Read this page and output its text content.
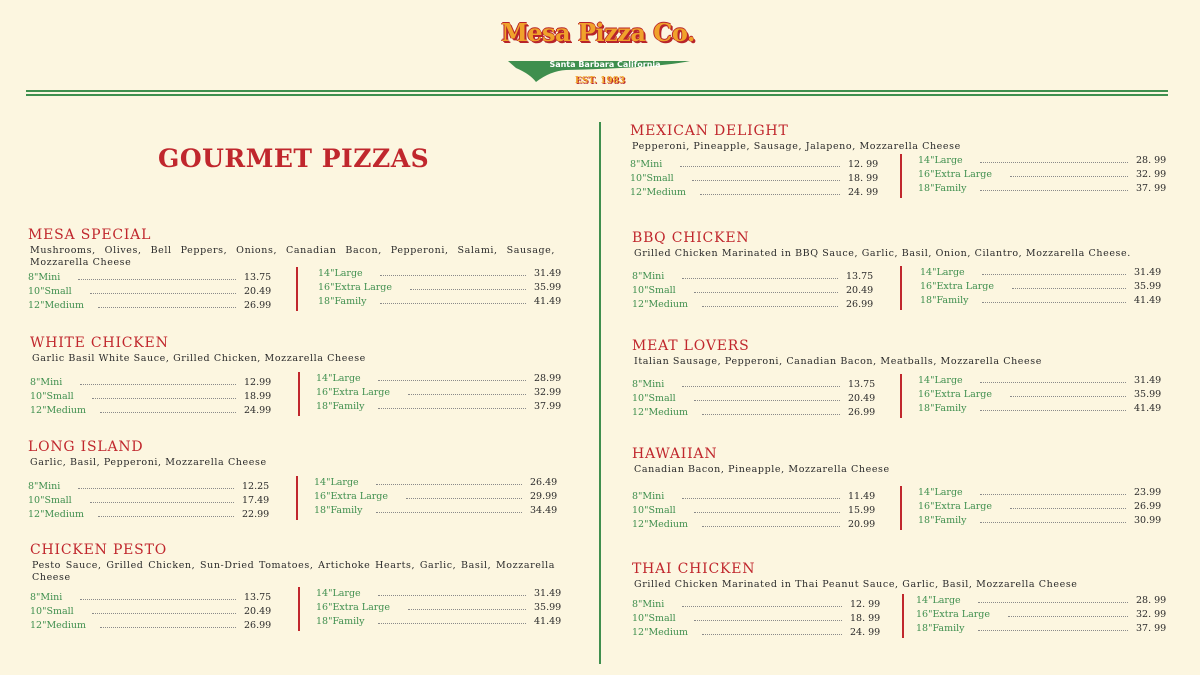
Mesa Pizza Co.
Santa Barbara California
EST. 1983
GOURMET PIZZAS
MESA SPECIAL
Mushrooms, Olives, Bell Peppers, Onions, Canadian Bacon, Pepperoni, Salami, Sausage, Mozzarella Cheese
8"Mini	13.75
10"Small	20.49
12"Medium	26.99
14"Large	31.49
16"Extra Large	35.99
18"Family	41.49
WHITE CHICKEN
Garlic Basil White Sauce, Grilled Chicken, Mozzarella Cheese
8"Mini	12.99
10"Small	18.99
12"Medium	24.99
14"Large	28.99
16"Extra Large	32.99
18"Family	37.99
LONG ISLAND
Garlic, Basil, Pepperoni, Mozzarella Cheese
8"Mini	12.25
10"Small	17.49
12"Medium	22.99
14"Large	26.49
16"Extra Large	29.99
18"Family	34.49
CHICKEN PESTO
Pesto Sauce, Grilled Chicken, Sun-Dried Tomatoes, Artichoke Hearts, Garlic, Basil, Mozzarella Cheese
8"Mini	13.75
10"Small	20.49
12"Medium	26.99
14"Large	31.49
16"Extra Large	35.99
18"Family	41.49
MEXICAN DELIGHT
Pepperoni, Pineapple, Sausage, Jalapeno, Mozzarella Cheese
8"Mini	12. 99
10"Small	18. 99
12"Medium	24. 99
14"Large	28. 99
16"Extra Large	32. 99
18"Family	37. 99
BBQ CHICKEN
Grilled Chicken Marinated in BBQ Sauce, Garlic, Basil, Onion, Cilantro, Mozzarella Cheese.
8"Mini	13.75
10"Small	20.49
12"Medium	26.99
14"Large	31.49
16"Extra Large	35.99
18"Family	41.49
MEAT LOVERS
Italian Sausage, Pepperoni, Canadian Bacon, Meatballs, Mozzarella Cheese
8"Mini	13.75
10"Small	20.49
12"Medium	26.99
14"Large	31.49
16"Extra Large	35.99
18"Family	41.49
HAWAIIAN
Canadian Bacon, Pineapple, Mozzarella Cheese
8"Mini	11.49
10"Small	15.99
12"Medium	20.99
14"Large	23.99
16"Extra Large	26.99
18"Family	30.99
THAI CHICKEN
Grilled Chicken Marinated in Thai Peanut Sauce, Garlic, Basil, Mozzarella Cheese
8"Mini	12. 99
10"Small	18. 99
12"Medium	24. 99
14"Large	28. 99
16"Extra Large	32. 99
18"Family	37. 99
